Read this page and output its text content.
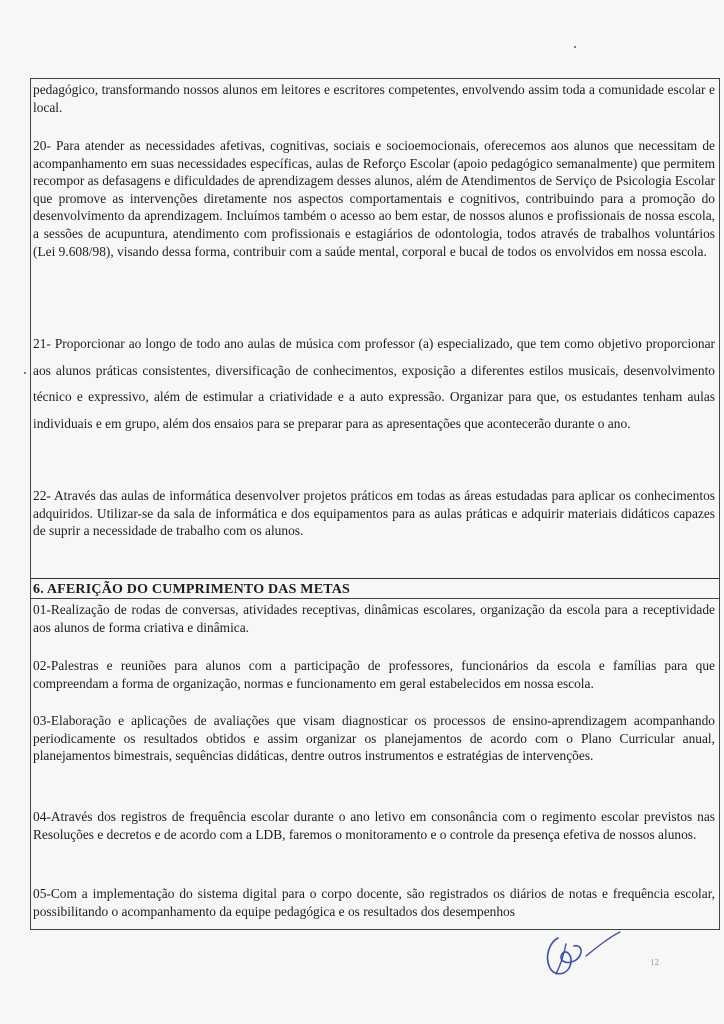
pedagógico, transformando nossos alunos em leitores e escritores competentes, envolvendo assim toda a comunidade escolar e local.

20- Para atender as necessidades afetivas, cognitivas, sociais e socioemocionais, oferecemos aos alunos que necessitam de acompanhamento em suas necessidades específicas, aulas de Reforço Escolar (apoio pedagógico semanalmente) que permitem recompor as defasagens e dificuldades de aprendizagem desses alunos, além de Atendimentos de Serviço de Psicologia Escolar que promove as intervenções diretamente nos aspectos comportamentais e cognitivos, contribuindo para a promoção do desenvolvimento da aprendizagem. Incluímos também o acesso ao bem estar, de nossos alunos e profissionais de nossa escola, a sessões de acupuntura, atendimento com profissionais e estagiários de odontologia, todos através de trabalhos voluntários (Lei 9.608/98), visando dessa forma, contribuir com a saúde mental, corporal e bucal de todos os envolvidos em nossa escola.

21- Proporcionar ao longo de todo ano aulas de música com professor (a) especializado, que tem como objetivo proporcionar aos alunos práticas consistentes, diversificação de conhecimentos, exposição a diferentes estilos musicais, desenvolvimento técnico e expressivo, além de estimular a criatividade e a auto expressão. Organizar para que, os estudantes tenham aulas individuais e em grupo, além dos ensaios para se preparar para as apresentações que acontecerão durante o ano.

22- Através das aulas de informática desenvolver projetos práticos em todas as áreas estudadas para aplicar os conhecimentos adquiridos. Utilizar-se da sala de informática e dos equipamentos para as aulas práticas e adquirir materiais didáticos capazes de suprir a necessidade de trabalho com os alunos.

6. AFERIÇÃO DO CUMPRIMENTO DAS METAS

01-Realização de rodas de conversas, atividades receptivas, dinâmicas escolares, organização da escola para a receptividade aos alunos de forma criativa e dinâmica.

02-Palestras e reuniões para alunos com a participação de professores, funcionários da escola e famílias para que compreendam a forma de organização, normas e funcionamento em geral estabelecidos em nossa escola.

03-Elaboração e aplicações de avaliações que visam diagnosticar os processos de ensino-aprendizagem acompanhando periodicamente os resultados obtidos e assim organizar os planejamentos de acordo com o Plano Curricular anual, planejamentos bimestrais, sequências didáticas, dentre outros instrumentos e estratégias de intervenções.

04-Através dos registros de frequência escolar durante o ano letivo em consonância com o regimento escolar previstos nas Resoluções e decretos e de acordo com a LDB, faremos o monitoramento e o controle da presença efetiva de nossos alunos.

05-Com a implementação do sistema digital para o corpo docente, são registrados os diários de notas e frequência escolar, possibilitando o acompanhamento da equipe pedagógica e os resultados dos desempenhos

12
